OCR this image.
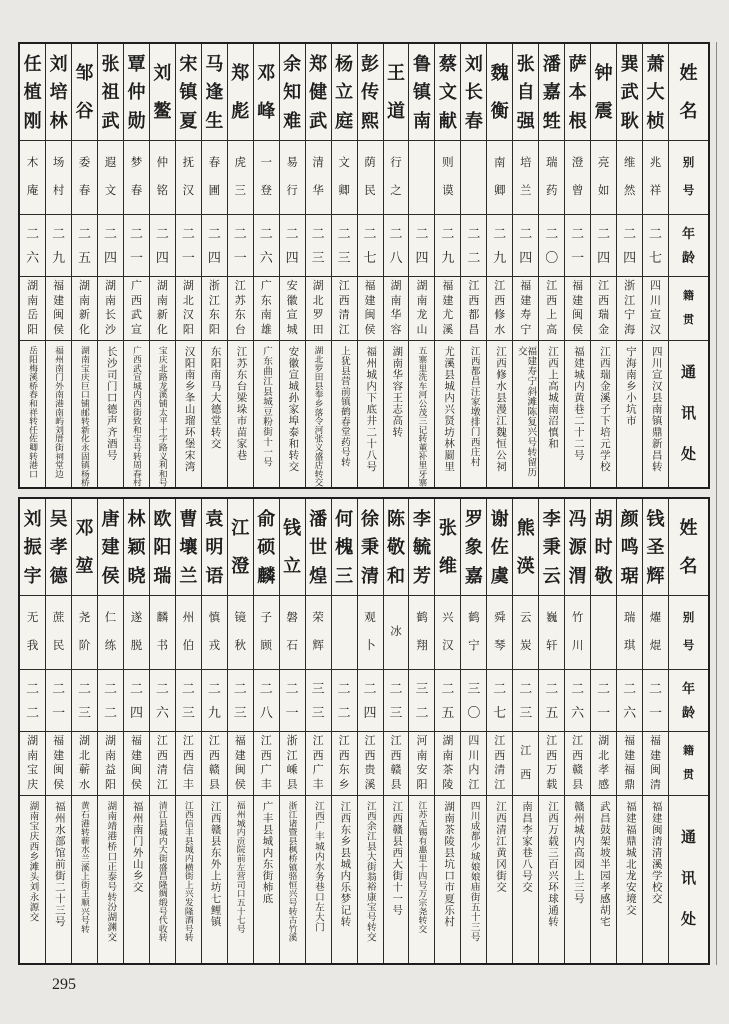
姓
名
别
号
年
龄
籍
贯
通
讯
处
萧
大
桢
兆
祥
二
七
四
川
宣
汉
四川宣汉县南镇鼎新昌转
巽
武
耿
维
然
二
四
浙
江
宁
海
宁海南乡小坑市
钟
震
亮
如
二
四
江
西
瑞
金
江西瑞金溪子下培元学校
萨
本
根
澄
曾
二
一
福
建
闽
侯
福建城内黄巷二十二号
潘
嘉
甡
瑞
药
二
〇
江
西
上
高
江西上高城南沼慎和
张
自
强
培
兰
二
四
福
建
寿
宁
福建寿宁斜滩陈复兴号转留历交
魏
衡
南
卿
二
九
江
西
修
水
江西修水县漫江魏恒公祠
刘
长
春
二
二
江
西
都
昌
江西都昌汪家墩排门西庄村
蔡
文
献
则
谟
二
九
福
建
尤
溪
尤溪县城内兴贤坊林罽里
鲁
镇
南
二
四
湖
南
龙
山
五寨里洗车河公茂三记转董补里牙寨
王
道
行
之
二
八
湖
南
华
容
湖南华容王志高转
彭
传
熙
荫
民
二
七
福
建
闽
侯
福州城内下底井二十八号
杨
立
庭
文
卿
二
三
江
西
清
江
上犹县营前镇鹤春堂药号转
郑
健
武
清
华
二
三
湖
北
罗
田
湖北罗田县奉乡落令河张义盛店转交
余
知
难
易
行
二
四
安
徽
宣
城
安徽宣城孙家埠泰和转交
邓
峰
一
登
二
六
广
东
南
雄
广东曲江县城豆粉街十一号
郑
彪
虎
三
二
一
江
苏
东
台
江苏东台梁垛市苗家巷
马
逢
生
春
圃
二
四
浙
江
东
阳
东阳南马大德堂转交
宋
镇
夏
抚
汉
二
一
湖
北
汉
阳
汉阳南乡夆山瑠环堡宋湾
刘
鳌
仲
铭
二
四
湖
南
新
化
宝庆北路龙溪铺太平十字路义利和号
覃
仲
勋
梦
春
二
一
广
西
武
宣
广西武宣城内西街致和宝号转周春村
张
祖
武
遐
文
二
四
湖
南
长
沙
长沙司门口德声齐酒号
邹
谷
委
春
二
五
湖
南
新
化
湖南宝庆巨口铺邮转新化永固镇杨桥
刘
培
林
场
村
二
九
福
建
闽
侯
福州南门外南港南屿刘厝街祠堂边
任
植
刚
木
庵
二
六
湖
南
岳
阳
岳阳梅溪桥春和祥转任佐卿转港口
姓
名
别
号
年
龄
籍
贯
通
讯
处
钱
圣
辉
燿
焜
二
一
福
建
闽
清
福建闽清清溪学校交
颜
鸣
琚
瑞
琪
二
六
福
建
福
鼎
福建福鼎城北龙安境交
胡
时
敬
二
一
湖
北
孝
感
武昌鼓架坡半园孝感胡宅
冯
源
渭
竹
川
二
六
江
西
赣
县
赣州城内高园上三号
李
秉
云
巍
轩
二
五
江
西
万
载
江西万载三百兴环球通转
熊
渶
云
炭
二
三
江
西
南昌李家巷八号交
谢
佐
虞
舜
琴
二
七
江
西
清
江
江西清江黄冈街交
罗
象
嘉
鹤
宁
三
〇
四
川
内
江
四川成都少城娘娘庙街五十三号
张
维
兴
汉
二
五
湖
南
茶
陵
湖南茶陵县坑口市夏乐村
李
毓
芳
鹤
翔
三
二
河
南
安
阳
江苏无锡有惠里十四号万宗尧转交
陈
敬
和
冰
二
三
江
西
赣
县
江西赣县西大街十一号
徐
秉
清
观
卜
二
四
江
西
贵
溪
江西余江县大街翁裕康宝号转交
何
槐
三
二
二
江
西
东
乡
江西东乡县城内乐梦记转
潘
世
煌
荣
辉
三
三
江
西
广
丰
江西广丰城内水务巷口左大门
钱
立
磐
石
二
一
浙
江
嵊
县
浙江诸暨县枫桥镇骆恒兴号转古竹溪
俞
硕
麟
子
顾
二
八
江
西
广
丰
广丰县城内东街柿底
江
澄
镜
秋
二
三
福
建
闽
侯
福州城内贡院前左营司口五十七号
袁
明
语
慎
戎
二
九
江
西
赣
县
江西赣县东外上坊七鲤镇
曹
壤
兰
州
伯
二
三
江
西
信
丰
江西信丰县城内横街上兴发隆酒号转
欧
阳
瑞
麟
书
二
六
江
西
清
江
清江县城内大街盛昌隆绸缎号代收转
林
颖
晓
遂
脱
二
四
福
建
闽
侯
福州南门外山乡交
唐
建
侯
仁
练
二
二
湖
南
益
阳
湖南靖港桥口正泰号转汾湖渊交
邓
堃
尧
阶
二
三
湖
北
蕲
水
黄石港转蕲水兰溪上街王顺兴号转
吴
孝
德
蔗
民
二
一
福
建
闽
侯
福州水部馆前街二十三号
刘
振
宇
无
我
二
二
湖
南
宝
庆
湖南宝庆西乡滩头刘永源交
295
